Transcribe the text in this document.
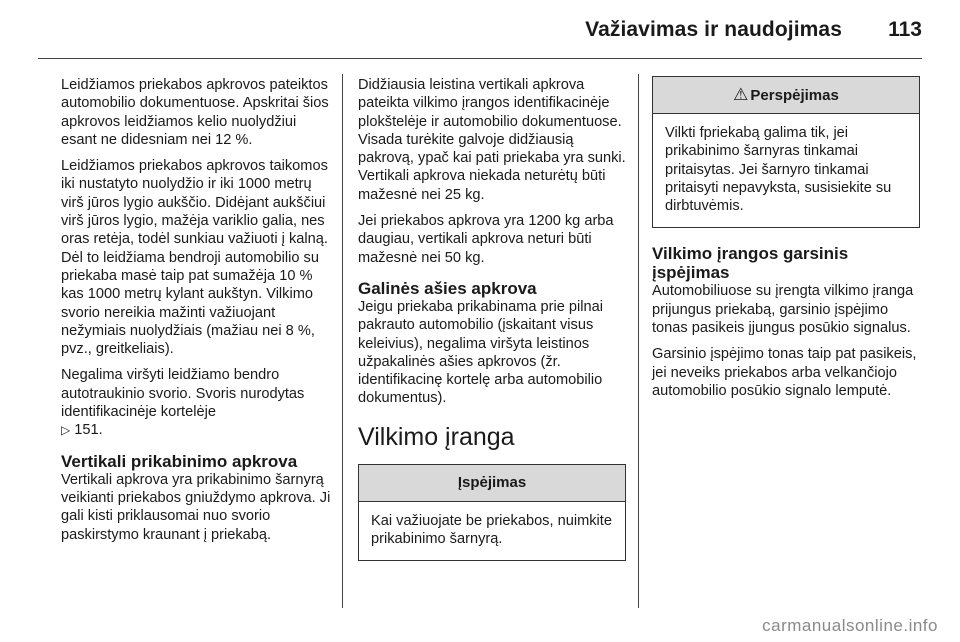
Važiavimas ir naudojimas 113

Leidžiamos priekabos apkrovos pateiktos automobilio dokumentuose. Apskritai šios apkrovos leidžiamos kelio nuolydžiui esant ne didesniam nei 12 %.

Leidžiamos priekabos apkrovos taikomos iki nustatyto nuolydžio ir iki 1000 metrų virš jūros lygio aukščio. Didėjant aukščiui virš jūros lygio, mažėja variklio galia, nes oras retėja, todėl sunkiau važiuoti į kalną. Dėl to leidžiama bendroji automobilio su priekaba masė taip pat sumažėja 10 % kas 1000 metrų kylant aukštyn. Vilkimo svorio nereikia mažinti važiuojant nežymiais nuolydžiais (mažiau nei 8 %, pvz., greitkeliais).

Negalima viršyti leidžiamo bendro autotraukinio svorio. Svoris nurodytas identifikacinėje kortelėje
▷ 151.

Vertikali prikabinimo apkrova

Vertikali apkrova yra prikabinimo šarnyrą veikianti priekabos gniuždymo apkrova. Ji gali kisti priklausomai nuo svorio paskirstymo kraunant į priekabą.

Didžiausia leistina vertikali apkrova pateikta vilkimo įrangos identifikacinėje plokštelėje ir automobilio dokumentuose. Visada turėkite galvoje didžiausią pakrovą, ypač kai pati priekaba yra sunki. Vertikali apkrova niekada neturėtų būti mažesnė nei 25 kg.

Jei priekabos apkrova yra 1200 kg arba daugiau, vertikali apkrova neturi būti mažesnė nei 50 kg.

Galinės ašies apkrova

Jeigu priekaba prikabinama prie pilnai pakrauto automobilio (įskaitant visus keleivius), negalima viršyta leistinos užpakalinės ašies apkrovos (žr. identifikacinę kortelę arba automobilio dokumentus).

Vilkimo įranga
Įspėjimas
Kai važiuojate be priekabos, nuimkite prikabinimo šarnyrą.
⚠ Perspėjimas
Vilkti fpriekabą galima tik, jei prikabinimo šarnyras tinkamai pritaisytas. Jei šarnyro tinkamai pritaisyti nepavyksta, susisiekite su dirbtuvėmis.
Vilkimo įrangos garsinis įspėjimas

Automobiliuose su įrengta vilkimo įranga prijungus priekabą, garsinio įspėjimo tonas pasikeis įjungus posūkio signalus.

Garsinio įspėjimo tonas taip pat pasikeis, jei neveiks priekabos arba velkančiojo automobilio posūkio signalo lemputė.

carmanualsonline.info
